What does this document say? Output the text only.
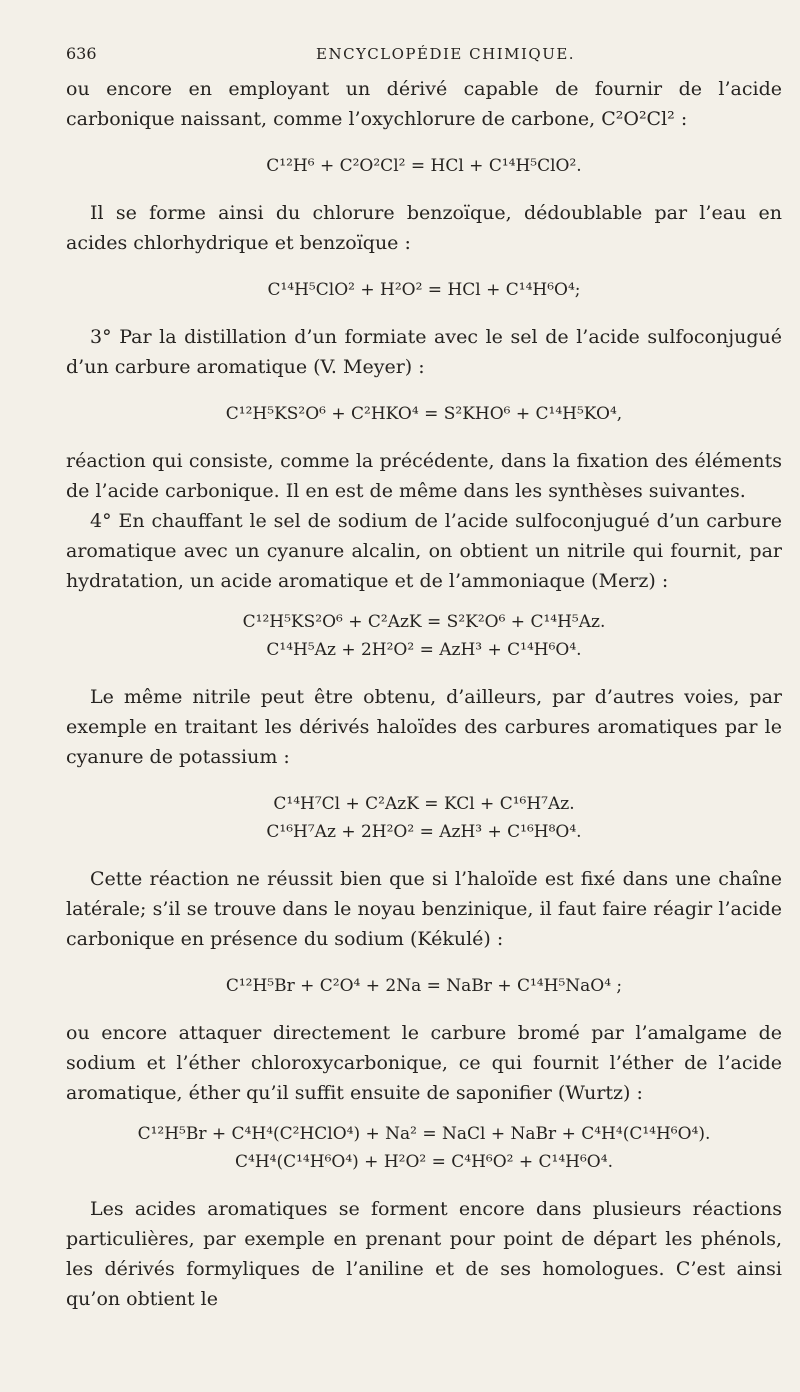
636	ENCYCLOPÉDIE CHIMIQUE.

ou encore en employant un dérivé capable de fournir de l’acide carbonique naissant, comme l’oxychlorure de carbone, C²O²Cl² :

C¹²H⁶ + C²O²Cl² = HCl + C¹⁴H⁵ClO².

Il se forme ainsi du chlorure benzoïque, dédoublable par l’eau en acides chlorhydrique et benzoïque :

C¹⁴H⁵ClO² + H²O² = HCl + C¹⁴H⁶O⁴;

3° Par la distillation d’un formiate avec le sel de l’acide sulfoconjugué d’un carbure aromatique (V. Meyer) :

C¹²H⁵KS²O⁶ + C²HKO⁴ = S²KHO⁶ + C¹⁴H⁵KO⁴,

réaction qui consiste, comme la précédente, dans la fixation des éléments de l’acide carbonique. Il en est de même dans les synthèses suivantes.

4° En chauffant le sel de sodium de l’acide sulfoconjugué d’un carbure aromatique avec un cyanure alcalin, on obtient un nitrile qui fournit, par hydratation, un acide aromatique et de l’ammoniaque (Merz) :

C¹²H⁵KS²O⁶ + C²AzK = S²K²O⁶ + C¹⁴H⁵Az.
C¹⁴H⁵Az + 2H²O² = AzH³ + C¹⁴H⁶O⁴.

Le même nitrile peut être obtenu, d’ailleurs, par d’autres voies, par exemple en traitant les dérivés haloïdes des carbures aromatiques par le cyanure de potassium :

C¹⁴H⁷Cl + C²AzK = KCl + C¹⁶H⁷Az.
C¹⁶H⁷Az + 2H²O² = AzH³ + C¹⁶H⁸O⁴.

Cette réaction ne réussit bien que si l’haloïde est fixé dans une chaîne latérale; s’il se trouve dans le noyau benzinique, il faut faire réagir l’acide carbonique en présence du sodium (Kékulé) :

C¹²H⁵Br + C²O⁴ + 2Na = NaBr + C¹⁴H⁵NaO⁴ ;

ou encore attaquer directement le carbure bromé par l’amalgame de sodium et l’éther chloroxycarbonique, ce qui fournit l’éther de l’acide aromatique, éther qu’il suffit ensuite de saponifier (Wurtz) :

C¹²H⁵Br + C⁴H⁴(C²HClO⁴) + Na² = NaCl + NaBr + C⁴H⁴(C¹⁴H⁶O⁴).
C⁴H⁴(C¹⁴H⁶O⁴) + H²O² = C⁴H⁶O² + C¹⁴H⁶O⁴.

Les acides aromatiques se forment encore dans plusieurs réactions particulières, par exemple en prenant pour point de départ les phénols, les dérivés formyliques de l’aniline et de ses homologues. C’est ainsi qu’on obtient le
